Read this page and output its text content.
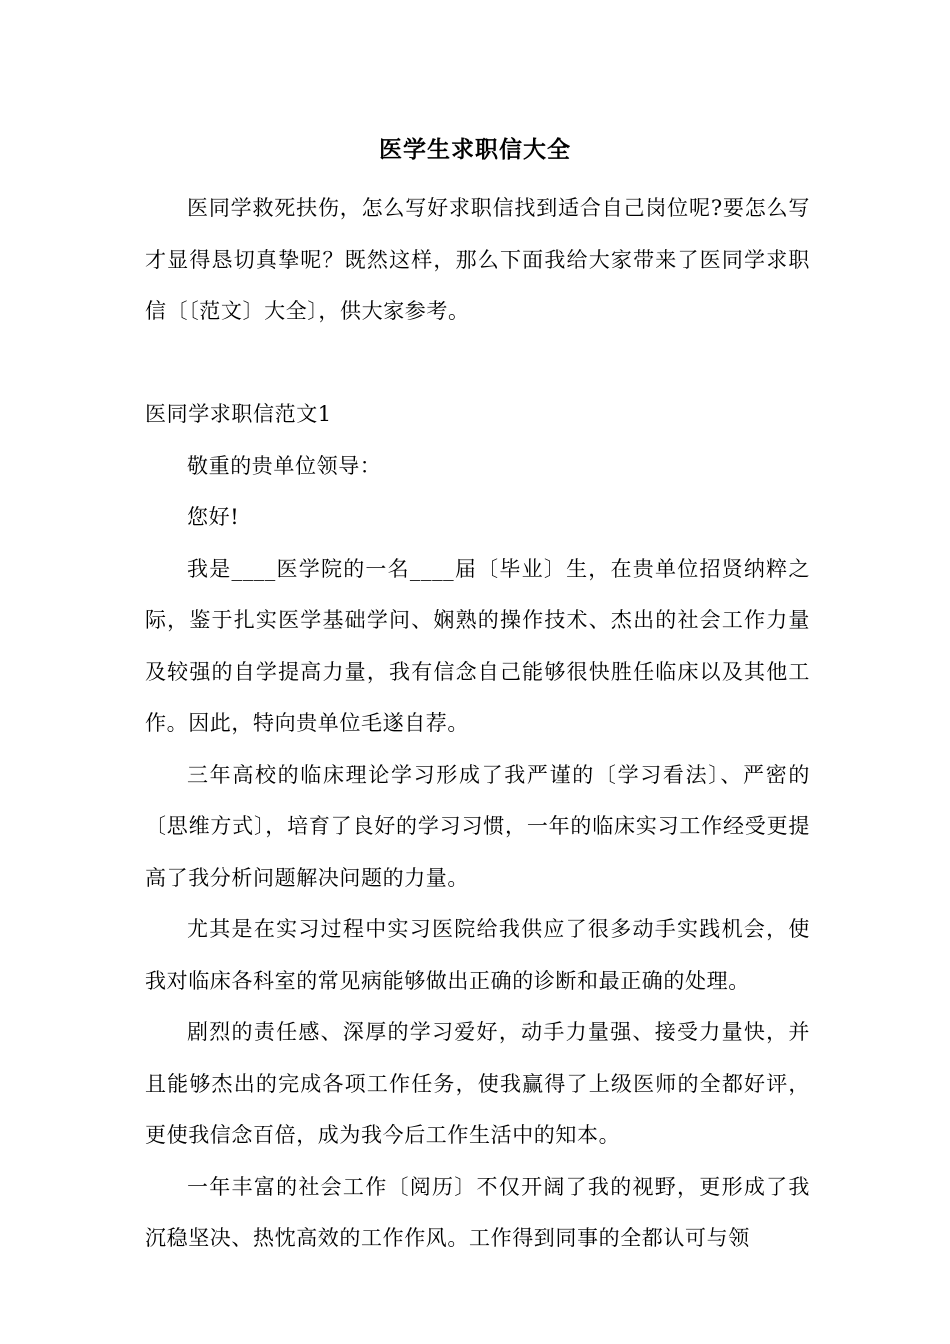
医学生求职信大全

医同学救死扶伤，怎么写好求职信找到适合自己岗位呢?要怎么写才显得恳切真挚呢？既然这样，那么下面我给大家带来了医同学求职信〔〔范文〕大全〕，供大家参考。

医同学求职信范文1

敬重的贵单位领导：

您好!

我是____医学院的一名____届〔毕业〕生，在贵单位招贤纳粹之际，鉴于扎实医学基础学问、娴熟的操作技术、杰出的社会工作力量及较强的自学提高力量，我有信念自己能够很快胜任临床以及其他工作。因此，特向贵单位毛遂自荐。

三年高校的临床理论学习形成了我严谨的〔学习看法〕、严密的〔思维方式〕，培育了良好的学习习惯，一年的临床实习工作经受更提高了我分析问题解决问题的力量。

尤其是在实习过程中实习医院给我供应了很多动手实践机会，使我对临床各科室的常见病能够做出正确的诊断和最正确的处理。

剧烈的责任感、深厚的学习爱好，动手力量强、接受力量快，并且能够杰出的完成各项工作任务，使我赢得了上级医师的全都好评，更使我信念百倍，成为我今后工作生活中的知本。

一年丰富的社会工作〔阅历〕不仅开阔了我的视野，更形成了我沉稳坚决、热忱高效的工作作风。工作得到同事的全都认可与领
